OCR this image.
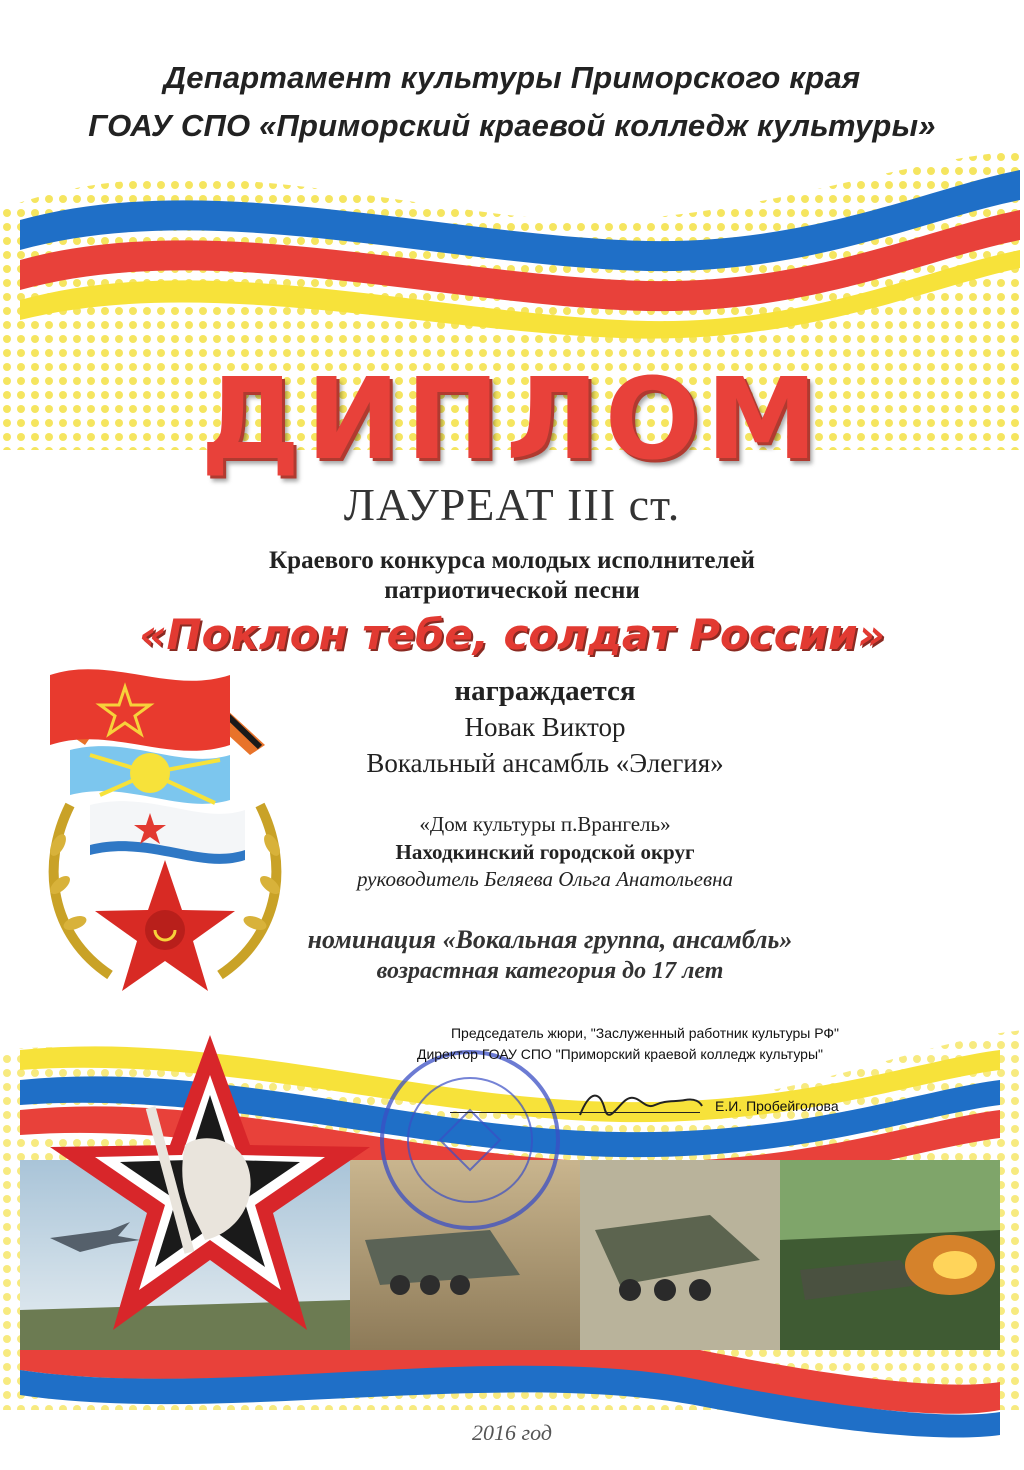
Департамент культуры Приморского края
ГОАУ СПО «Приморский краевой колледж культуры»
ДИПЛОМ
ЛАУРЕАТ III ст.
Краевого конкурса молодых исполнителей
патриотической песни
«Поклон тебе, солдат России»
награждается
Новак Виктор
Вокальный ансамбль «Элегия»
«Дом культуры п.Врангель»
Находкинский городской округ
руководитель Беляева Ольга Анатольевна
номинация «Вокальная группа, ансамбль»
возрастная категория до 17 лет
Председатель жюри, "Заслуженный работник культуры РФ"
Директор ГОАУ СПО "Приморский краевой колледж культуры"
Е.И. Пробейголова
2016 год
